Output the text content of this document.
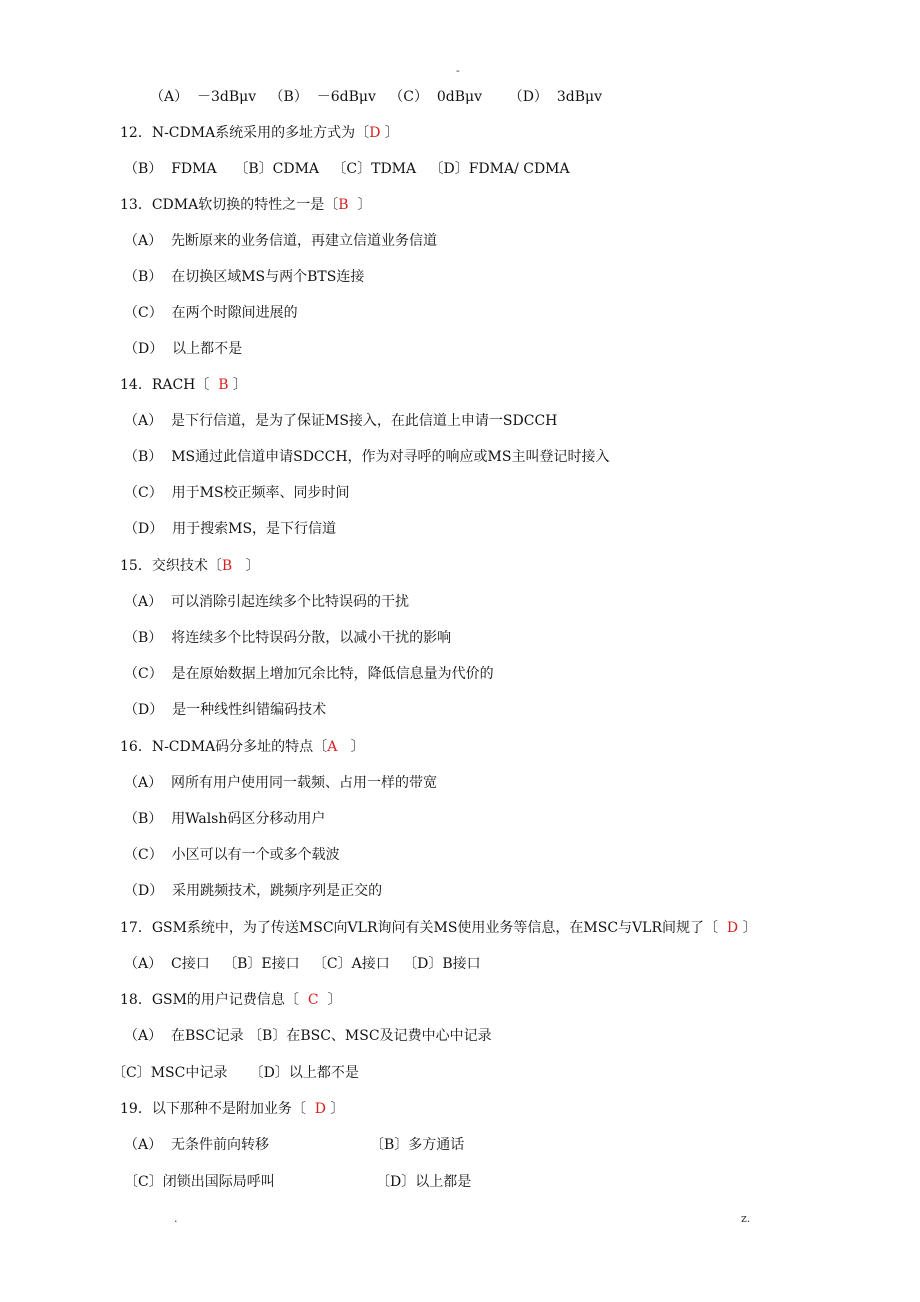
-
（A）  －3dBμv   （B）  －6dBμv   （C）  0dBμv      （D）  3dBμv
12．N-CDMA系统采用的多址方式为〔D 〕
（B）  FDMA    〔B〕CDMA   〔C〕TDMA   〔D〕FDMA/ CDMA
13．CDMA软切换的特性之一是〔B  〕
（A）  先断原来的业务信道，再建立信道业务信道
（B）  在切换区域MS与两个BTS连接
（C）  在两个时隙间进展的
（D）  以上都不是
14．RACH〔  B 〕
（A）  是下行信道，是为了保证MS接入，在此信道上申请一SDCCH
（B）  MS通过此信道申请SDCCH，作为对寻呼的响应或MS主叫登记时接入
（C）  用于MS校正频率、同步时间
（D）  用于搜索MS，是下行信道
15．交织技术〔B   〕
（A）  可以消除引起连续多个比特误码的干扰
（B）  将连续多个比特误码分散，以减小干扰的影响
（C）  是在原始数据上增加冗余比特，降低信息量为代价的
（D）  是一种线性纠错编码技术
16．N-CDMA码分多址的特点〔A   〕
（A）  网所有用户使用同一载频、占用一样的带宽
（B）  用Walsh码区分移动用户
（C）  小区可以有一个或多个载波
（D）  采用跳频技术，跳频序列是正交的
17．GSM系统中，为了传送MSC向VLR询问有关MS使用业务等信息，在MSC与VLR间规了〔  D 〕
（A）  C接口   〔B〕E接口   〔C〕A接口   〔D〕B接口
18．GSM的用户记费信息〔  C  〕
（A）  在BSC记录 〔B〕在BSC、MSC及记费中心中记录
〔C〕MSC中记录     〔D〕以上都不是
19．以下那种不是附加业务〔  D 〕
（A）  无条件前向转移	〔B〕多方通话
〔C〕闭锁出国际局呼叫	〔D〕以上都是
.	z.
